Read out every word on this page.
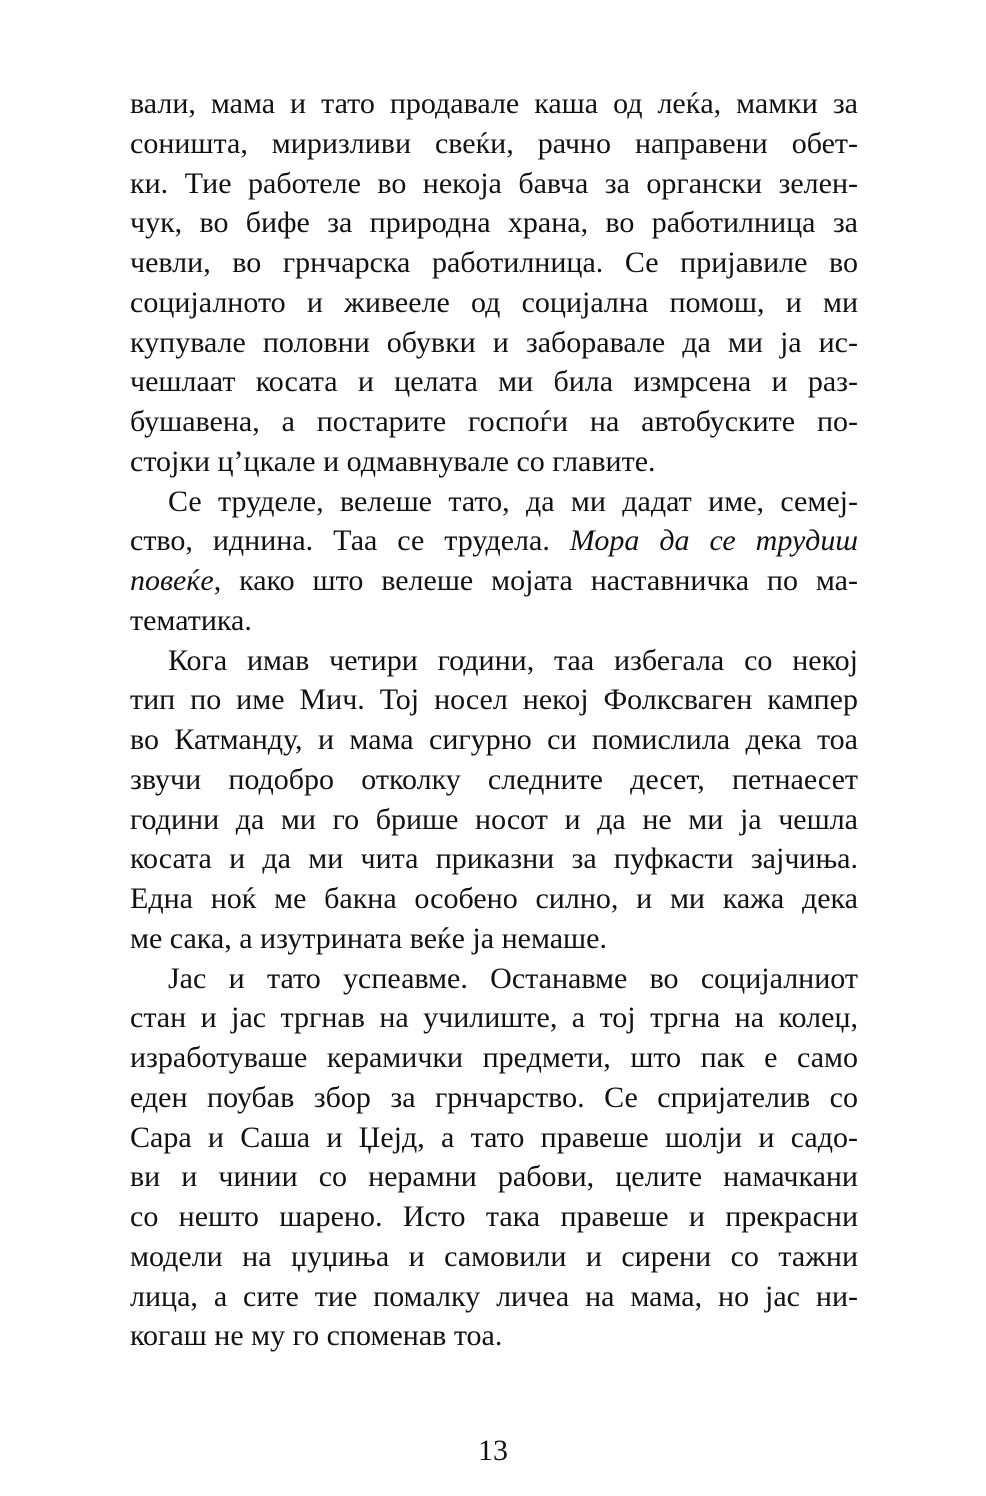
вали, мама и тато продавале каша од леќа, мамки за
соништа, миризливи свеќи, рачно направени обет-
ки. Тие работеле во некоја бавча за органски зелен-
чук, во бифе за природна храна, во работилница за
чевли, во грнчарска работилница. Се пријавиле во
социјалното и живееле од социјална помош, и ми
купувале половни обувки и заборавале да ми ја ис-
чешлаат косата и целата ми била измрсена и раз-
бушавена, а постарите госпоѓи на автобуските по-
стојки ц’цкале и одмавнувале со главите.
Се труделе, велеше тато, да ми дадат име, семеј-
ство, иднина. Таа се трудела. Мора да се трудиш
повеќе, како што велеше мојата наставничка по ма-
тематика.
Кога имав четири години, таа избегала со некој
тип по име Мич. Тој носел некој Фолксваген кампер
во Катманду, и мама сигурно си помислила дека тоа
звучи подобро отколку следните десет, петнаесет
години да ми го брише носот и да не ми ја чешла
косата и да ми чита приказни за пуфкасти зајчиња.
Една ноќ ме бакна особено силно, и ми кажа дека
ме сака, а изутрината веќе ја немаше.
Јас и тато успеавме. Останавме во социјалниот
стан и јас тргнав на училиште, а тој тргна на колеџ,
изработуваше керамички предмети, што пак е само
еден поубав збор за грнчарство. Се спријателив со
Сара и Саша и Џејд, а тато правеше шолји и садо-
ви и чинии со нерамни рабови, целите намачкани
со нешто шарено. Исто така правеше и прекрасни
модели на џуџиња и самовили и сирени со тажни
лица, а сите тие помалку личеа на мама, но јас ни-
когаш не му го споменав тоа.
13
